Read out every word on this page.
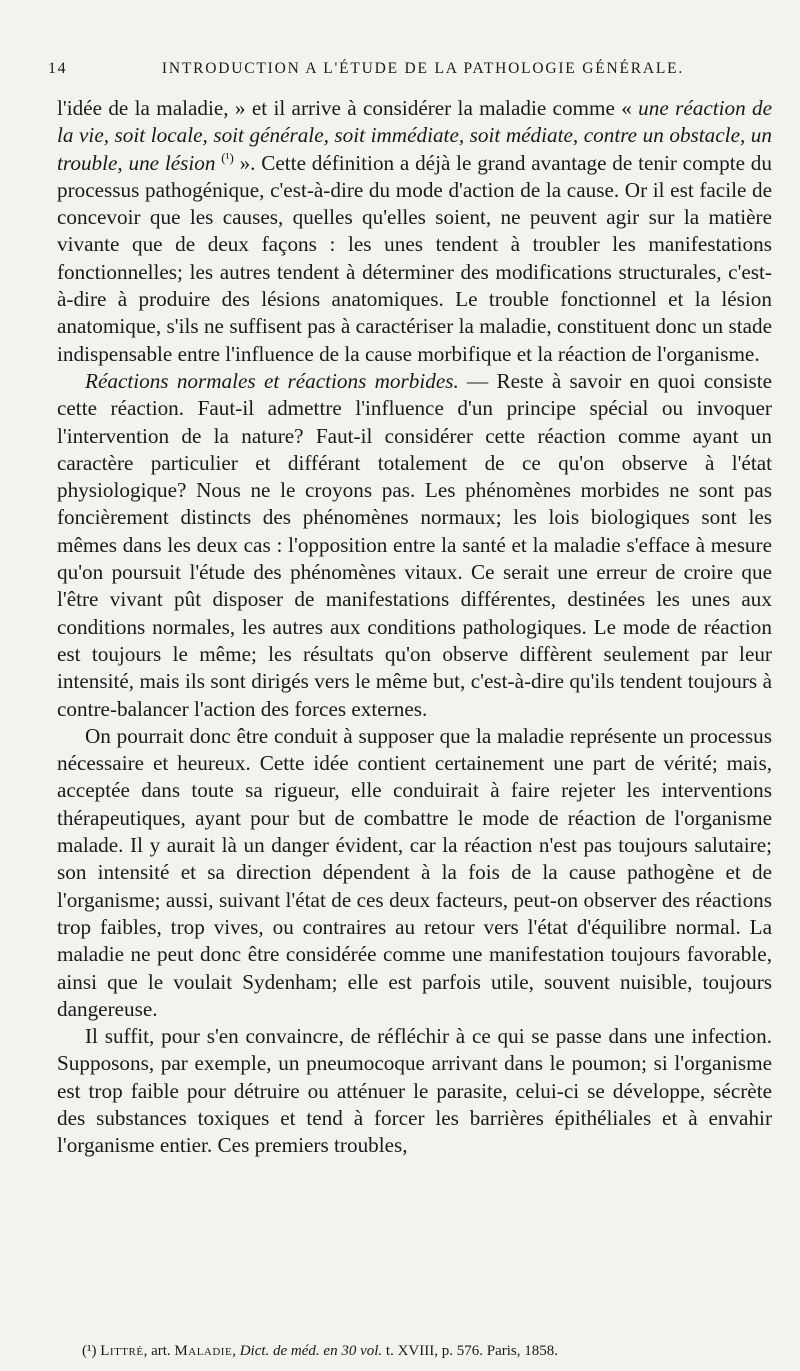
14	INTRODUCTION A L'ÉTUDE DE LA PATHOLOGIE GÉNÉRALE.

l'idée de la maladie, » et il arrive à considérer la maladie comme « une réaction de la vie, soit locale, soit générale, soit immédiate, soit médiate, contre un obstacle, un trouble, une lésion $^{(^1)}$ ». Cette définition a déjà le grand avantage de tenir compte du processus pathogénique, c'est-à-dire du mode d'action de la cause. Or il est facile de concevoir que les causes, quelles qu'elles soient, ne peuvent agir sur la matière vivante que de deux façons : les unes tendent à troubler les manifestations fonctionnelles; les autres tendent à déterminer des modifications structurales, c'est-à-dire à produire des lésions anatomiques. Le trouble fonctionnel et la lésion anatomique, s'ils ne suffisent pas à caractériser la maladie, constituent donc un stade indispensable entre l'influence de la cause morbifique et la réaction de l'organisme.

Réactions normales et réactions morbides. — Reste à savoir en quoi consiste cette réaction. Faut-il admettre l'influence d'un principe spécial ou invoquer l'intervention de la nature? Faut-il considérer cette réaction comme ayant un caractère particulier et différant totalement de ce qu'on observe à l'état physiologique? Nous ne le croyons pas. Les phénomènes morbides ne sont pas foncièrement distincts des phénomènes normaux; les lois biologiques sont les mêmes dans les deux cas : l'opposition entre la santé et la maladie s'efface à mesure qu'on poursuit l'étude des phénomènes vitaux. Ce serait une erreur de croire que l'être vivant pût disposer de manifestations différentes, destinées les unes aux conditions normales, les autres aux conditions pathologiques. Le mode de réaction est toujours le même; les résultats qu'on observe diffèrent seulement par leur intensité, mais ils sont dirigés vers le même but, c'est-à-dire qu'ils tendent toujours à contre-balancer l'action des forces externes.

On pourrait donc être conduit à supposer que la maladie représente un processus nécessaire et heureux. Cette idée contient certainement une part de vérité; mais, acceptée dans toute sa rigueur, elle conduirait à faire rejeter les interventions thérapeutiques, ayant pour but de combattre le mode de réaction de l'organisme malade. Il y aurait là un danger évident, car la réaction n'est pas toujours salutaire; son intensité et sa direction dépendent à la fois de la cause pathogène et de l'organisme; aussi, suivant l'état de ces deux facteurs, peut-on observer des réactions trop faibles, trop vives, ou contraires au retour vers l'état d'équilibre normal. La maladie ne peut donc être considérée comme une manifestation toujours favorable, ainsi que le voulait Sydenham; elle est parfois utile, souvent nuisible, toujours dangereuse.

Il suffit, pour s'en convaincre, de réfléchir à ce qui se passe dans une infection. Supposons, par exemple, un pneumocoque arrivant dans le poumon; si l'organisme est trop faible pour détruire ou atténuer le parasite, celui-ci se développe, sécrète des substances toxiques et tend à forcer les barrières épithéliales et à envahir l'organisme entier. Ces premiers troubles,

(¹) Littré, art. Maladie, Dict. de méd. en 30 vol. t. XVIII, p. 576. Paris, 1858.
